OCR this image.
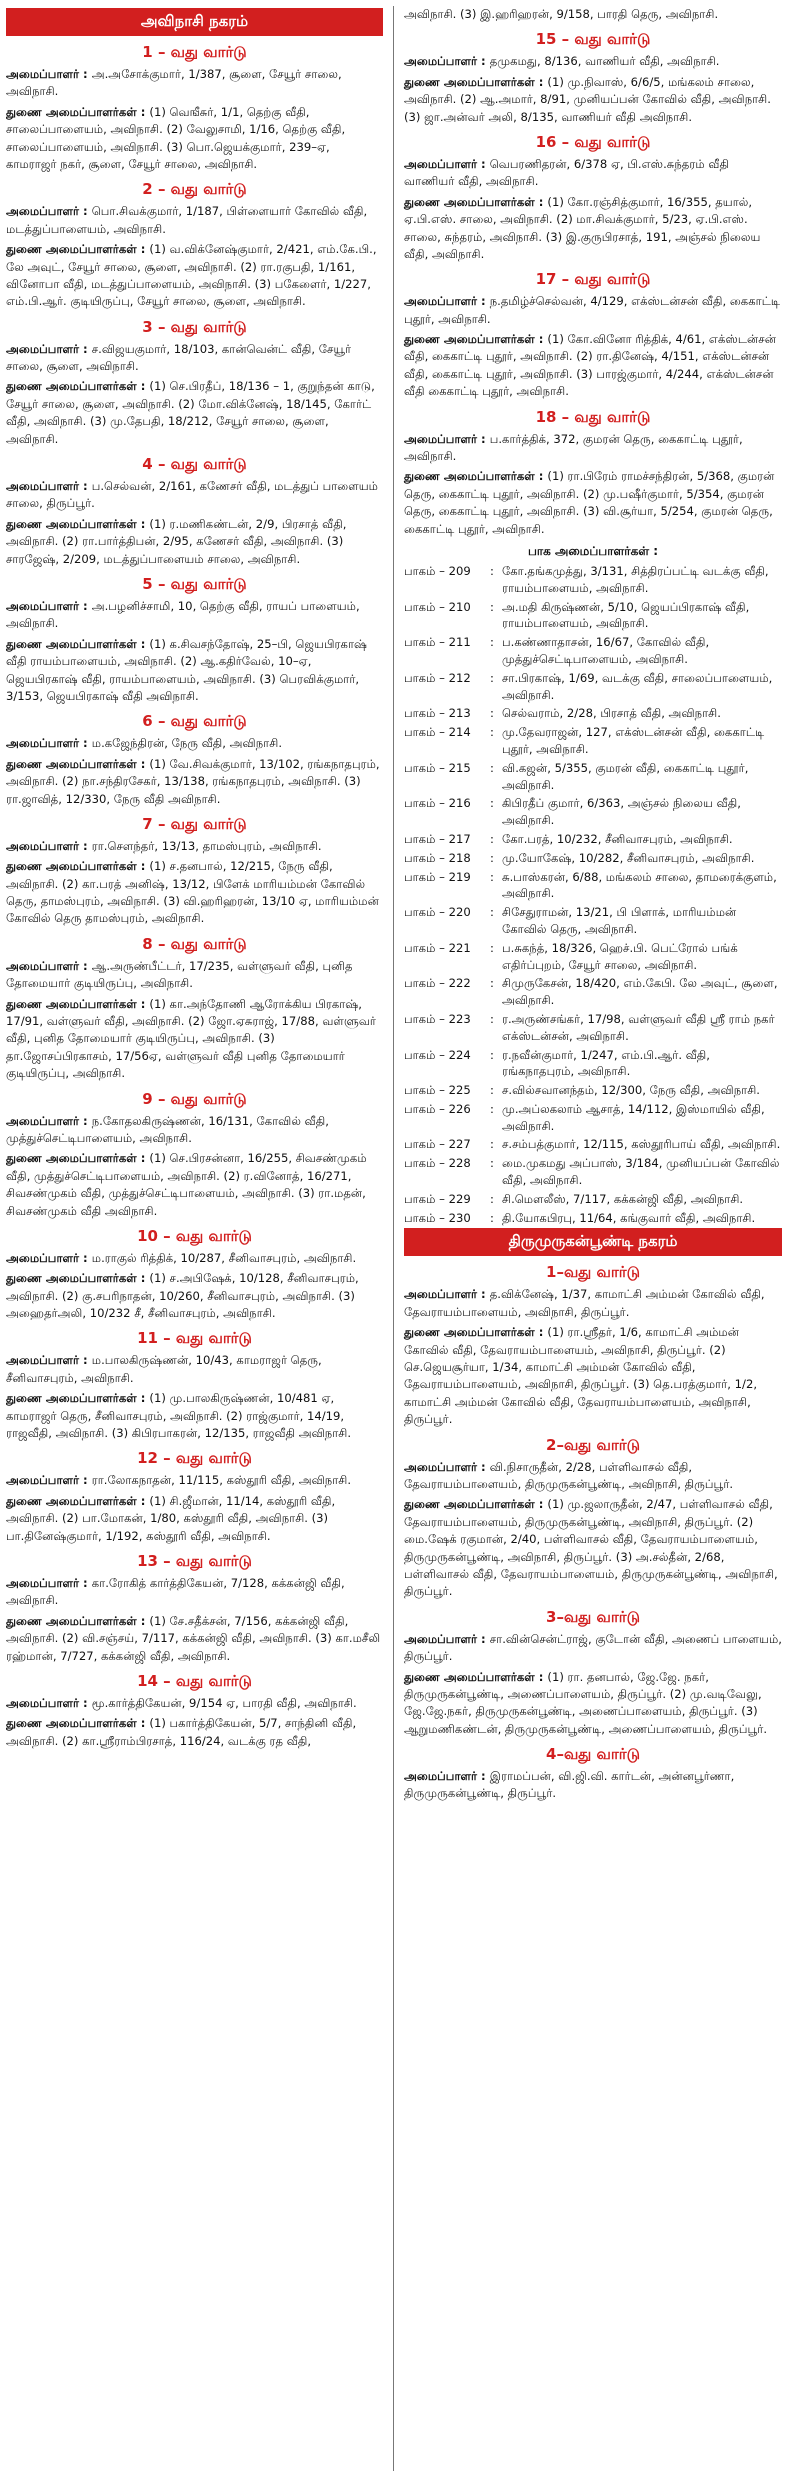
அவிநாசி நகரம்
1 – வது வார்டு
அமைப்பாளர் : அ.அசோக்குமார், 1/387, சூளை, சேயூர் சாலை, அவிநாசி.
துணை அமைப்பாளர்கள் : (1) வெஙீசுர், 1/1, தெற்கு வீதி, சாலைப்பாளையம், அவிநாசி. (2) வேலுசாமி, 1/16, தெற்கு வீதி, சாலைப்பாளையம், அவிநாசி. (3) பொ.ஜெயக்குமார், 239–ஏ, காமராஜர் நகர், சூளை, சேயூர் சாலை, அவிநாசி.
2 – வது வார்டு
அமைப்பாளர் : பொ.சிவக்குமார், 1/187, பிள்ளையார் கோவில் வீதி, மடத்துப்பாளையம், அவிநாசி.
துணை அமைப்பாளர்கள் : (1) வ.விக்னேஷ்குமார், 2/421, எம்.கே.பி., லே அவுட், சேயூர் சாலை, சூளை, அவிநாசி. (2) ரா.ரகுபதி, 1/161, வினோபா வீதி, மடத்துப்பாளையம், அவிநாசி. (3) பகேளைர், 1/227, எம்.பி.ஆர். குடியிருப்பு, சேயூர் சாலை, சூளை, அவிநாசி.
3 – வது வார்டு
அமைப்பாளர் : ச.விஜயகுமார், 18/103, கான்வென்ட் வீதி, சேயூர் சாலை, சூளை, அவிநாசி.
துணை அமைப்பாளர்கள் : (1) செ.பிரதீப், 18/136 – 1, குறுந்தன் காடு, சேயூர் சாலை, சூளை, அவிநாசி. (2) மோ.விக்னேஷ், 18/145, கோர்ட் வீதி, அவிநாசி. (3) மு.தேபதி, 18/212, சேயூர் சாலை, சூளை, அவிநாசி.
4 – வது வார்டு
அமைப்பாளர் : ப.செல்வன், 2/161, கணேசர் வீதி, மடத்துப் பாளையம் சாலை, திருப்பூர்.
துணை அமைப்பாளர்கள் : (1) ர.மணிகண்டன், 2/9, பிரசாத் வீதி, அவிநாசி. (2) ரா.பார்த்திபன், 2/95, கணேசர் வீதி, அவிநாசி. (3) சாரஜேஷ், 2/209, மடத்துப்பாளையம் சாலை, அவிநாசி.
5 – வது வார்டு
அமைப்பாளர் : அ.பழனிச்சாமி, 10, தெற்கு வீதி, ராயப் பாளையம், அவிநாசி.
துணை அமைப்பாளர்கள் : (1) க.சிவசந்தோஷ், 25–பி, ஜெயபிரகாஷ் வீதி ராயம்பாளையம், அவிநாசி. (2) ஆ.கதிர்வேல், 10–ஏ, ஜெயபிரகாஷ் வீதி, ராயம்பாளையம், அவிநாசி. (3) பெரவிக்குமார், 3/153, ஜெயபிரகாஷ் வீதி அவிநாசி.
6 – வது வார்டு
அமைப்பாளர் : ம.கஜேந்திரன், நேரு வீதி, அவிநாசி.
துணை அமைப்பாளர்கள் : (1) வே.சிவக்குமார், 13/102, ரங்கநாதபுரம், அவிநாசி. (2) நா.சந்திரசேகர், 13/138, ரங்கநாதபுரம், அவிநாசி. (3) ரா.ஜாவித், 12/330, நேரு வீதி அவிநாசி.
7 – வது வார்டு
அமைப்பாளர் : ரா.சௌந்தர், 13/13, தாமஸ்புரம், அவிநாசி.
துணை அமைப்பாளர்கள் : (1) ச.தனபால், 12/215, நேரு வீதி, அவிநாசி. (2) கா.பரத் அனிஷ், 13/12, பிளேக் மாரியம்மன் கோவில் தெரு, தாமஸ்புரம், அவிநாசி. (3) வி.ஹரிஹரன், 13/10 ஏ, மாரியம்மன் கோவில் தெரு தாமஸ்புரம், அவிநாசி.
8 – வது வார்டு
அமைப்பாளர் : ஆ.அருண்பீட்டர், 17/235, வள்ளுவர் வீதி, புனித தோமையார் குடியிருப்பு, அவிநாசி.
துணை அமைப்பாளர்கள் : (1) கா.அந்தோணி ஆரோக்கிய பிரகாஷ், 17/91, வள்ளுவர் வீதி, அவிநாசி. (2) ஜோ.ஏசுராஜ், 17/88, வள்ளுவர் வீதி, புனித தோமையார் குடியிருப்பு, அவிநாசி. (3) தா.ஜோசப்பிரகாசம், 17/56ஏ, வள்ளுவர் வீதி புனித தோமையார் குடியிருப்பு, அவிநாசி.
9 – வது வார்டு
அமைப்பாளர் : ந.கோதலகிருஷ்ணன், 16/131, கோவில் வீதி, முத்துச்செட்டிபாளையம், அவிநாசி.
துணை அமைப்பாளர்கள் : (1) செ.பிரசன்னா, 16/255, சிவசண்முகம் வீதி, முத்துச்செட்டிபாளையம், அவிநாசி. (2) ர.வினோத், 16/271, சிவசண்முகம் வீதி, முத்துச்செட்டிபாளையம், அவிநாசி. (3) ரா.மதன், சிவசண்முகம் வீதி அவிநாசி.
10 – வது வார்டு
அமைப்பாளர் : ம.ராகுல் ரித்திக், 10/287, சீனிவாசபுரம், அவிநாசி.
துணை அமைப்பாளர்கள் : (1) ச.அபிஷேக், 10/128, சீனிவாசபுரம், அவிநாசி. (2) கு.சபரிநாதன், 10/260, சீனிவாசபுரம், அவிநாசி. (3) அஹைதர்அலி, 10/232 சீ, சீனிவாசபுரம், அவிநாசி.
11 – வது வார்டு
அமைப்பாளர் : ம.பாலகிருஷ்ணன், 10/43, காமராஜர் தெரு, சீனிவாசபுரம், அவிநாசி.
துணை அமைப்பாளர்கள் : (1) மு.பாலகிருஷ்ணன், 10/481 ஏ, காமராஜர் தெரு, சீனிவாசபுரம், அவிநாசி. (2) ராஜ்குமார், 14/19, ராஜவீதி, அவிநாசி. (3) கிபிரபாகரன், 12/135, ராஜவீதி அவிநாசி.
12 – வது வார்டு
அமைப்பாளர் : ரா.லோகநாதன், 11/115, கஸ்தூரி வீதி, அவிநாசி.
துணை அமைப்பாளர்கள் : (1) சி.ஜீமான், 11/14, கஸ்தூரி வீதி, அவிநாசி. (2) பா.மோகன், 1/80, கஸ்தூரி வீதி, அவிநாசி. (3) பா.தினேஷ்குமார், 1/192, கஸ்தூரி வீதி, அவிநாசி.
13 – வது வார்டு
அமைப்பாளர் : கா.ரோகித் கார்த்திகேயன், 7/128, கக்கன்ஜி வீதி, அவிநாசி.
துணை அமைப்பாளர்கள் : (1) சே.சதீக்சன், 7/156, கக்கன்ஜி வீதி, அவிநாசி. (2) வி.சஞ்சய், 7/117, கக்கன்ஜி வீதி, அவிநாசி. (3) கா.மசீலி ரஹ்மான், 7/727, கக்கன்ஜி வீதி, அவிநாசி.
14 – வது வார்டு
அமைப்பாளர் : மூ.கார்த்திகேயன், 9/154 ஏ, பாரதி வீதி, அவிநாசி.
துணை அமைப்பாளர்கள் : (1) பகார்த்திகேயன், 5/7, சாந்தினி வீதி, அவிநாசி. (2) கா.ஸ்ரீராம்பிரசாத், 116/24, வடக்கு ரத வீதி,
அவிநாசி. (3) இ.ஹரிஹரன், 9/158, பாரதி தெரு, அவிநாசி.
15 – வது வார்டு
அமைப்பாளர் : தமுகமது, 8/136, வாணியர் வீதி, அவிநாசி.
துணை அமைப்பாளர்கள் : (1) மு.நிவாஸ், 6/6/5, மங்கலம் சாலை, அவிநாசி. (2) ஆ.அமார், 8/91, முனியப்பன் கோவில் வீதி, அவிநாசி. (3) ஜா.அன்வர் அலி, 8/135, வாணியர் வீதி அவிநாசி.
16 – வது வார்டு
அமைப்பாளர் : வெபரணிதரன், 6/378 ஏ, பி.எஸ்.சுந்தரம் வீதி வாணியர் வீதி, அவிநாசி.
துணை அமைப்பாளர்கள் : (1) கோ.ரஞ்சித்குமார், 16/355, தயால், ஏ.பி.எஸ். சாலை, அவிநாசி. (2) மா.சிவக்குமார், 5/23, ஏ.பி.எஸ். சாலை, சுந்தரம், அவிநாசி. (3) இ.குருபிரசாத், 191, அஞ்சல் நிலைய வீதி, அவிநாசி.
17 – வது வார்டு
அமைப்பாளர் : ந.தமிழ்ச்செல்வன், 4/129, எக்ஸ்டன்சன் வீதி, கைகாட்டி புதூர், அவிநாசி.
துணை அமைப்பாளர்கள் : (1) கோ.வினோ ரித்திக், 4/61, எக்ஸ்டன்சன் வீதி, கைகாட்டி புதூர், அவிநாசி. (2) ரா.தினேஷ், 4/151, எக்ஸ்டன்சன் வீதி, கைகாட்டி புதூர், அவிநாசி. (3) பாரஜ்குமார், 4/244, எக்ஸ்டன்சன் வீதி கைகாட்டி புதூர், அவிநாசி.
18 – வது வார்டு
அமைப்பாளர் : ப.கார்த்திக், 372, குமரன் தெரு, கைகாட்டி புதூர், அவிநாசி.
துணை அமைப்பாளர்கள் : (1) ரா.பிரேம் ராமச்சந்திரன், 5/368, குமரன் தெரு, கைகாட்டி புதூர், அவிநாசி. (2) மு.பஷீர்குமார், 5/354, குமரன் தெரு, கைகாட்டி புதூர், அவிநாசி. (3) வி.சூர்யா, 5/254, குமரன் தெரு, கைகாட்டி புதூர், அவிநாசி.
பாக அமைப்பாளர்கள் :
பாகம் – 209	: கோ.தங்கமுத்து, 3/131, சித்திரப்பட்டி வடக்கு வீதி, ராயம்பாளையம், அவிநாசி.
பாகம் – 210	: அ.மதி கிருஷ்ணன், 5/10, ஜெயப்பிரகாஷ் வீதி, ராயம்பாளையம், அவிநாசி.
பாகம் – 211	: ப.கண்ணாதாசன், 16/67, கோவில் வீதி, முத்துச்செட்டிபாளையம், அவிநாசி.
பாகம் – 212	: சா.பிரகாஷ், 1/69, வடக்கு வீதி, சாலைப்பாளையம், அவிநாசி.
பாகம் – 213	: செல்வராம், 2/28, பிரசாத் வீதி, அவிநாசி.
பாகம் – 214	: மு.தேவராஜன், 127, எக்ஸ்டன்சன் வீதி, கைகாட்டி புதூர், அவிநாசி.
பாகம் – 215	: வி.கஜன், 5/355, குமரன் வீதி, கைகாட்டி புதூர், அவிநாசி.
பாகம் – 216	: கிபிரதீப் குமார், 6/363, அஞ்சல் நிலைய வீதி, அவிநாசி.
பாகம் – 217	: கோ.பரத், 10/232, சீனிவாசபுரம், அவிநாசி.
பாகம் – 218	: மு.யோகேஷ், 10/282, சீனிவாசபுரம், அவிநாசி.
பாகம் – 219	: சு.பாஸ்கரன், 6/88, மங்கலம் சாலை, தாமரைக்குளம், அவிநாசி.
பாகம் – 220	: சிசேதுராமன், 13/21, பி பிளாக், மாரியம்மன் கோவில் தெரு, அவிநாசி.
பாகம் – 221	: ப.சுகந்த், 18/326, ஹெச்.பி. பெட்ரோல் பங்க் எதிர்ப்புறம், சேயூர் சாலை, அவிநாசி.
பாகம் – 222	: சிமுருகேசன், 18/420, எம்.கேபி. லே அவுட், சூளை, அவிநாசி.
பாகம் – 223	: ர.அருண்சங்கர், 17/98, வள்ளுவர் வீதி ஸ்ரீ ராம் நகர் எக்ஸ்டன்சன், அவிநாசி.
பாகம் – 224	: ர.நவீன்குமார், 1/247, எம்.பி.ஆர். வீதி, ரங்கநாதபுரம், அவிநாசி.
பாகம் – 225	: ச.வில்சவானந்தம், 12/300, நேரு வீதி, அவிநாசி.
பாகம் – 226	: மு.அப்லகலாம் ஆசாத், 14/112, இஸ்மாயில் வீதி, அவிநாசி.
பாகம் – 227	: ச.சம்பத்குமார், 12/115, கஸ்தூரிபாய் வீதி, அவிநாசி.
பாகம் – 228	: மை.முகமது அப்பாஸ், 3/184, முனியப்பன் கோவில் வீதி, அவிநாசி.
பாகம் – 229	: சி.மெளலீஸ், 7/117, கக்கன்ஜி வீதி, அவிநாசி.
பாகம் – 230	: தி.யோகபிரபு, 11/64, கங்குவார் வீதி, அவிநாசி.
திருமுருகன்பூண்டி நகரம்
1–வது வார்டு
அமைப்பாளர் : த.விக்னேஷ், 1/37, காமாட்சி அம்மன் கோவில் வீதி, தேவராயம்பாளையம், அவிநாசி, திருப்பூர்.
துணை அமைப்பாளர்கள் : (1) ரா.ஸ்ரீதர், 1/6, காமாட்சி அம்மன் கோவில் வீதி, தேவராயம்பாளையம், அவிநாசி, திருப்பூர். (2) செ.ஜெயசூர்யா, 1/34, காமாட்சி அம்மன் கோவில் வீதி, தேவராயம்பாளையம், அவிநாசி, திருப்பூர். (3) தெ.பரத்குமார், 1/2, காமாட்சி அம்மன் கோவில் வீதி, தேவராயம்பாளையம், அவிநாசி, திருப்பூர்.
2–வது வார்டு
அமைப்பாளர் : வி.நிசாருதீன், 2/28, பள்ளிவாசல் வீதி, தேவராயம்பாளையம், திருமுருகன்பூண்டி, அவிநாசி, திருப்பூர்.
துணை அமைப்பாளர்கள் : (1) மு.ஜலாருதீன், 2/47, பள்ளிவாசல் வீதி, தேவராயம்பாளையம், திருமுருகன்பூண்டி, அவிநாசி, திருப்பூர். (2) மை.ஷேக் ரகுமான், 2/40, பள்ளிவாசல் வீதி, தேவராயம்பாளையம், திருமுருகன்பூண்டி, அவிநாசி, திருப்பூர். (3) அ.சல்தீன், 2/68, பள்ளிவாசல் வீதி, தேவராயம்பாளையம், திருமுருகன்பூண்டி, அவிநாசி, திருப்பூர்.
3–வது வார்டு
அமைப்பாளர் : சா.வின்சென்ட்ராஜ், குடோன் வீதி, அணைப் பாளையம், திருப்பூர்.
துணை அமைப்பாளர்கள் : (1) ரா. தனபால், ஜே.ஜே. நகர், திருமுருகன்பூண்டி, அணைப்பாளையம், திருப்பூர். (2) மு.வடிவேலு, ஜே.ஜே.நகர், திருமுருகன்பூண்டி, அணைப்பாளையம், திருப்பூர். (3) ஆறுமணிகண்டன், திருமுருகன்பூண்டி, அணைப்பாளையம், திருப்பூர்.
4–வது வார்டு
அமைப்பாளர் : இராமப்பன், வி.ஜி.வி. கார்டன், அன்னபூர்ணா, திருமுருகன்பூண்டி, திருப்பூர்.
